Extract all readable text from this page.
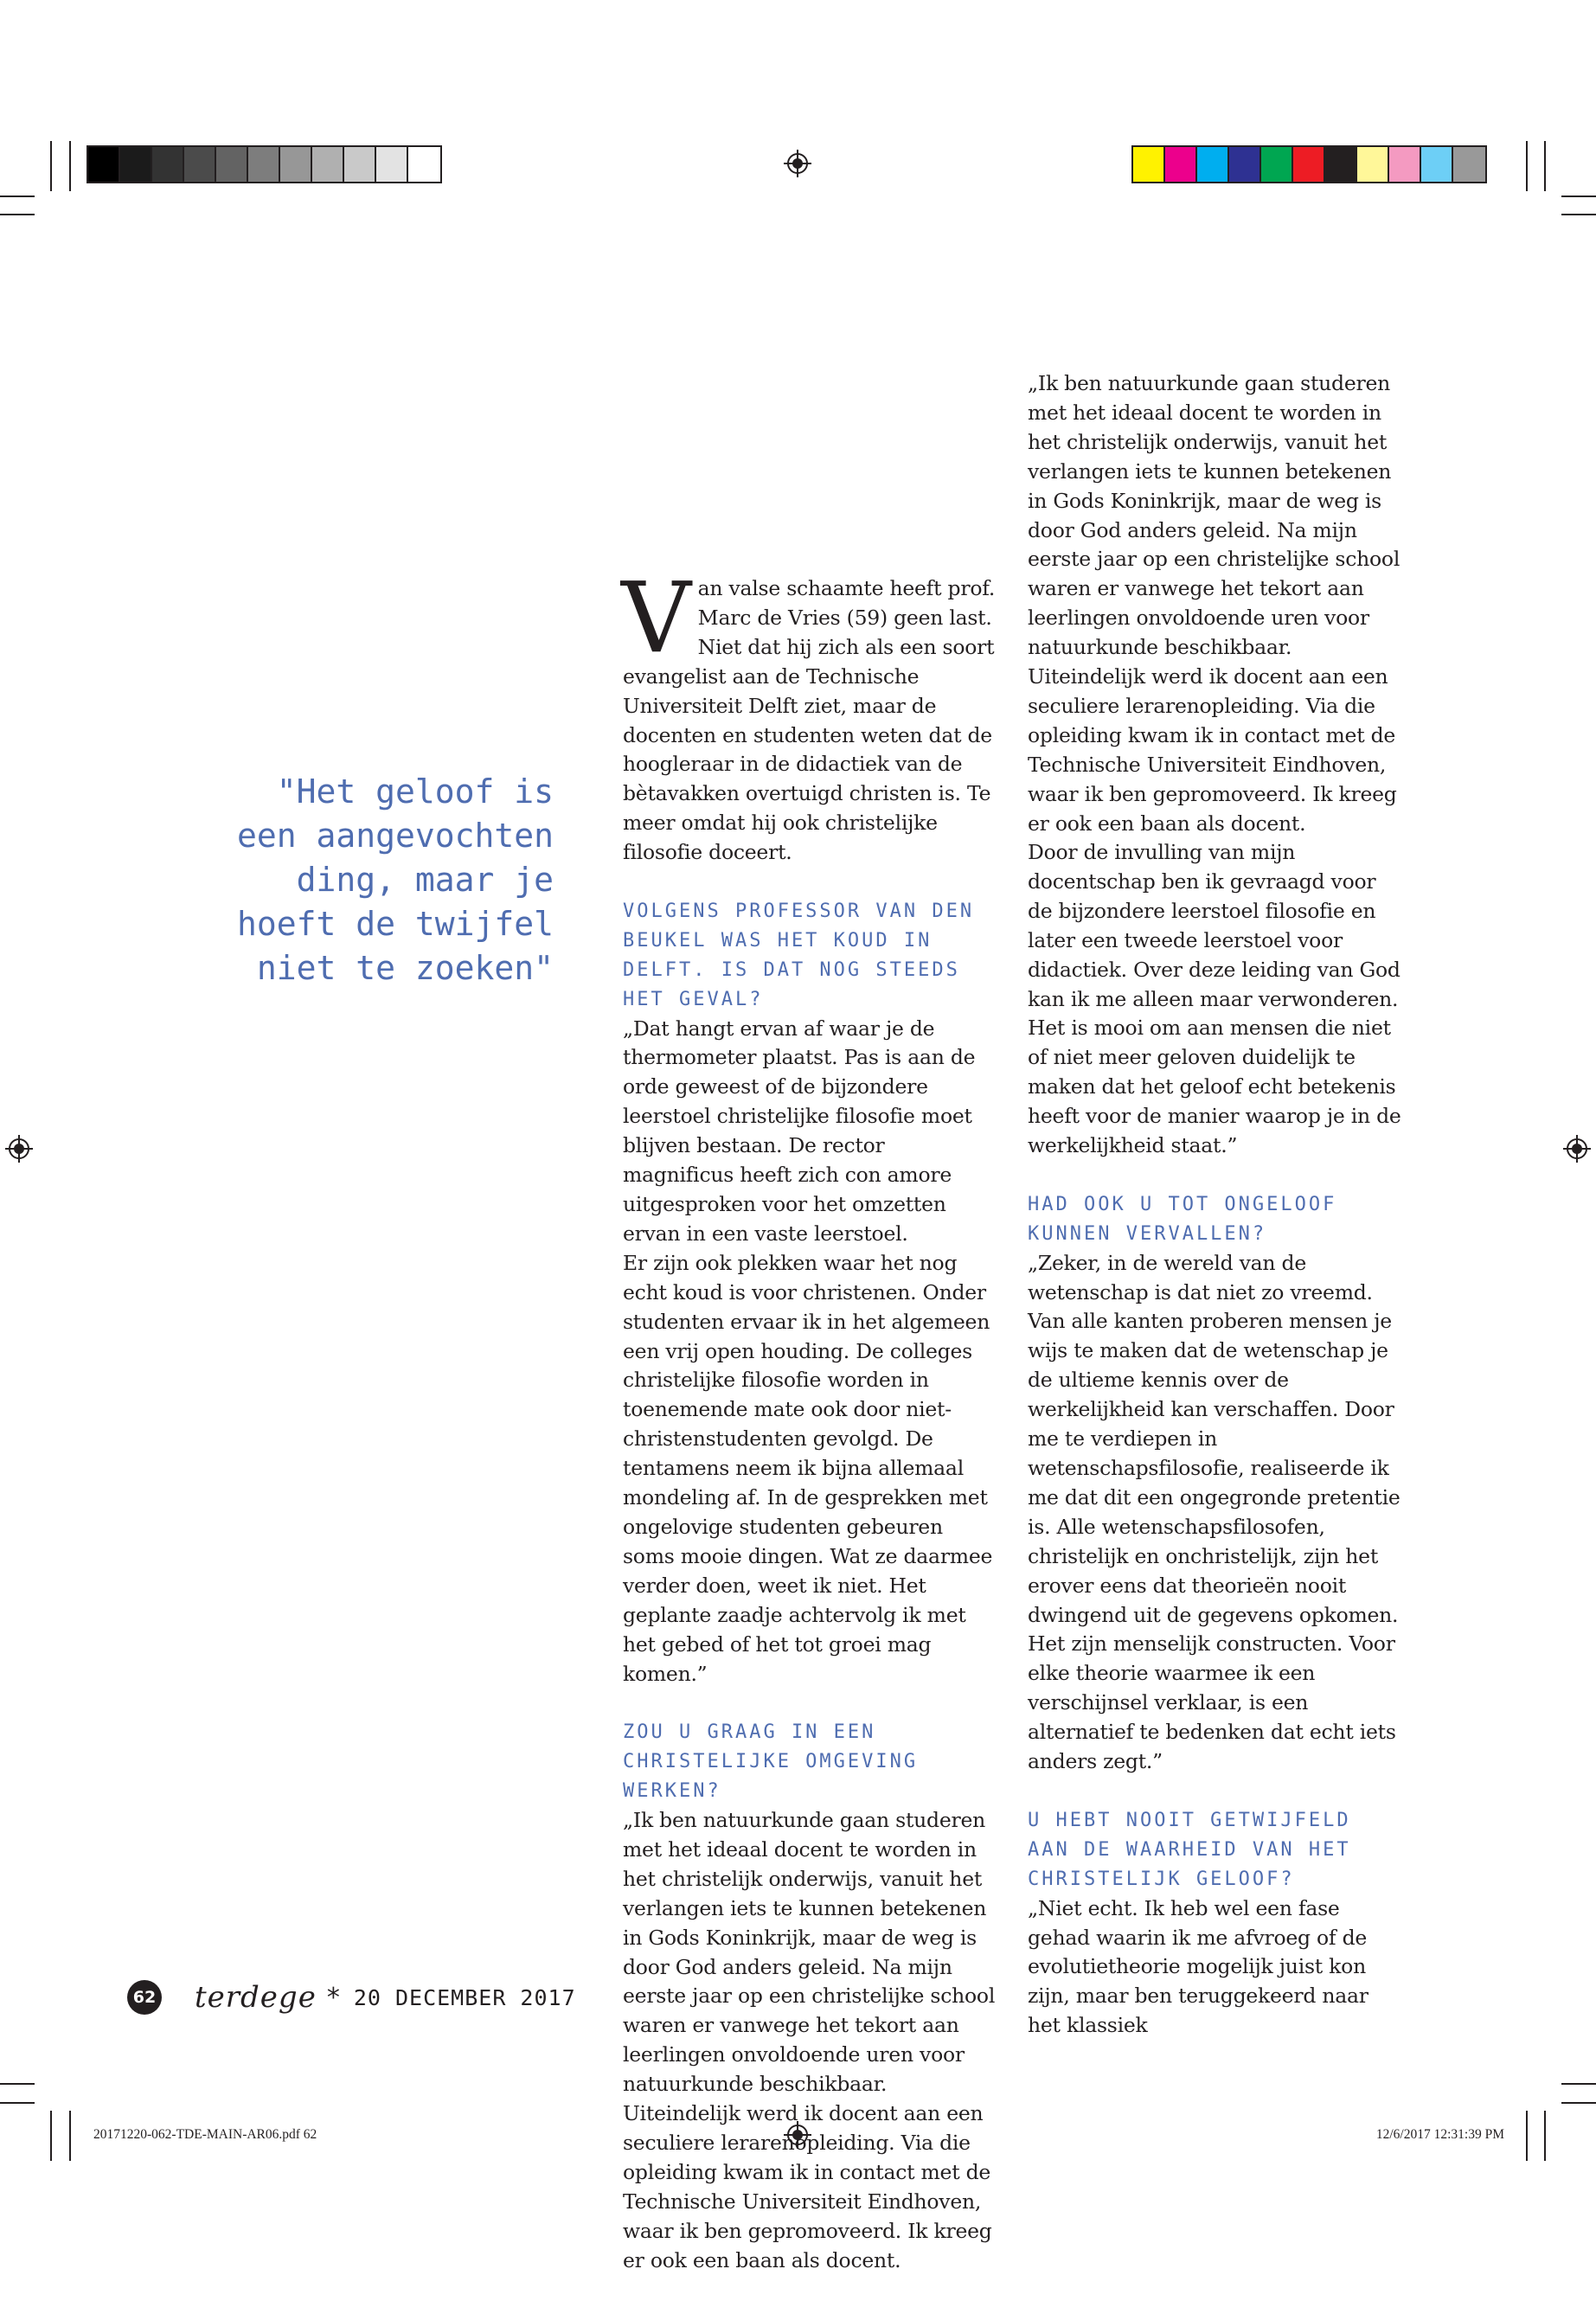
"Het geloof is een aangevochten ding, maar je hoeft de twijfel niet te zoeken"

Van valse schaamte heeft prof. Marc de Vries (59) geen last. Niet dat hij zich als een soort evangelist aan de Technische Universiteit Delft ziet, maar de docenten en studenten weten dat de hoogleraar in de didactiek van de bètavakken overtuigd christen is. Te meer omdat hij ook christelijke filosofie doceert.

VOLGENS PROFESSOR VAN DEN BEUKEL WAS HET KOUD IN DELFT. IS DAT NOG STEEDS HET GEVAL?

„Dat hangt ervan af waar je de thermometer plaatst. Pas is aan de orde geweest of de bijzondere leerstoel christelijke filosofie moet blijven bestaan. De rector magnificus heeft zich con amore uitgesproken voor het omzetten ervan in een vaste leerstoel.

Er zijn ook plekken waar het nog echt koud is voor christenen. Onder studenten ervaar ik in het algemeen een vrij open houding. De colleges christelijke filosofie worden in toenemende mate ook door niet-christenstudenten gevolgd. De tentamens neem ik bijna allemaal mondeling af. In de gesprekken met ongelovige studenten gebeuren soms mooie dingen. Wat ze daarmee verder doen, weet ik niet. Het geplante zaadje achtervolg ik met het gebed of het tot groei mag komen.”

ZOU U GRAAG IN EEN CHRISTELIJKE OMGEVING WERKEN?

„Ik ben natuurkunde gaan studeren met het ideaal docent te worden in het christelijk onderwijs, vanuit het verlangen iets te kunnen betekenen in Gods Koninkrijk, maar de weg is door God anders geleid. Na mijn eerste jaar op een christelijke school waren er vanwege het tekort aan leerlingen onvoldoende uren voor natuurkunde beschikbaar. Uiteindelijk werd ik docent aan een seculiere lerarenopleiding. Via die opleiding kwam ik in contact met de Technische Universiteit Eindhoven, waar ik ben gepromoveerd. Ik kreeg er ook een baan als docent.

„Ik ben natuurkunde gaan studeren met het ideaal docent te worden in het christelijk onderwijs, vanuit het verlangen iets te kunnen betekenen in Gods Koninkrijk, maar de weg is door God anders geleid. Na mijn eerste jaar op een christelijke school waren er vanwege het tekort aan leerlingen onvoldoende uren voor natuurkunde beschikbaar. Uiteindelijk werd ik docent aan een seculiere lerarenopleiding. Via die opleiding kwam ik in contact met de Technische Universiteit Eindhoven, waar ik ben gepromoveerd. Ik kreeg er ook een baan als docent.

Door de invulling van mijn docentschap ben ik gevraagd voor de bijzondere leerstoel filosofie en later een tweede leerstoel voor didactiek. Over deze leiding van God kan ik me alleen maar verwonderen. Het is mooi om aan mensen die niet of niet meer geloven duidelijk te maken dat het geloof echt betekenis heeft voor de manier waarop je in de werkelijkheid staat.”

HAD OOK U TOT ONGELOOF KUNNEN VERVALLEN?

„Zeker, in de wereld van de wetenschap is dat niet zo vreemd. Van alle kanten proberen mensen je wijs te maken dat de wetenschap je de ultieme kennis over de werkelijkheid kan verschaffen. Door me te verdiepen in wetenschapsfilosofie, realiseerde ik me dat dit een ongegronde pretentie is. Alle wetenschapsfilosofen, christelijk en onchristelijk, zijn het erover eens dat theorieën nooit dwingend uit de gegevens opkomen. Het zijn menselijk constructen. Voor elke theorie waarmee ik een verschijnsel verklaar, is een alternatief te bedenken dat echt iets anders zegt.”

U HEBT NOOIT GETWIJFELD AAN DE WAARHEID VAN HET CHRISTELIJK GELOOF?

„Niet echt. Ik heb wel een fase gehad waarin ik me afvroeg of de evolutietheorie mogelijk juist kon zijn, maar ben teruggekeerd naar het klassiek

62 terdege * 20 DECEMBER 2017
20171220-062-TDE-MAIN-AR06.pdf 62	12/6/2017 12:31:39 PM
